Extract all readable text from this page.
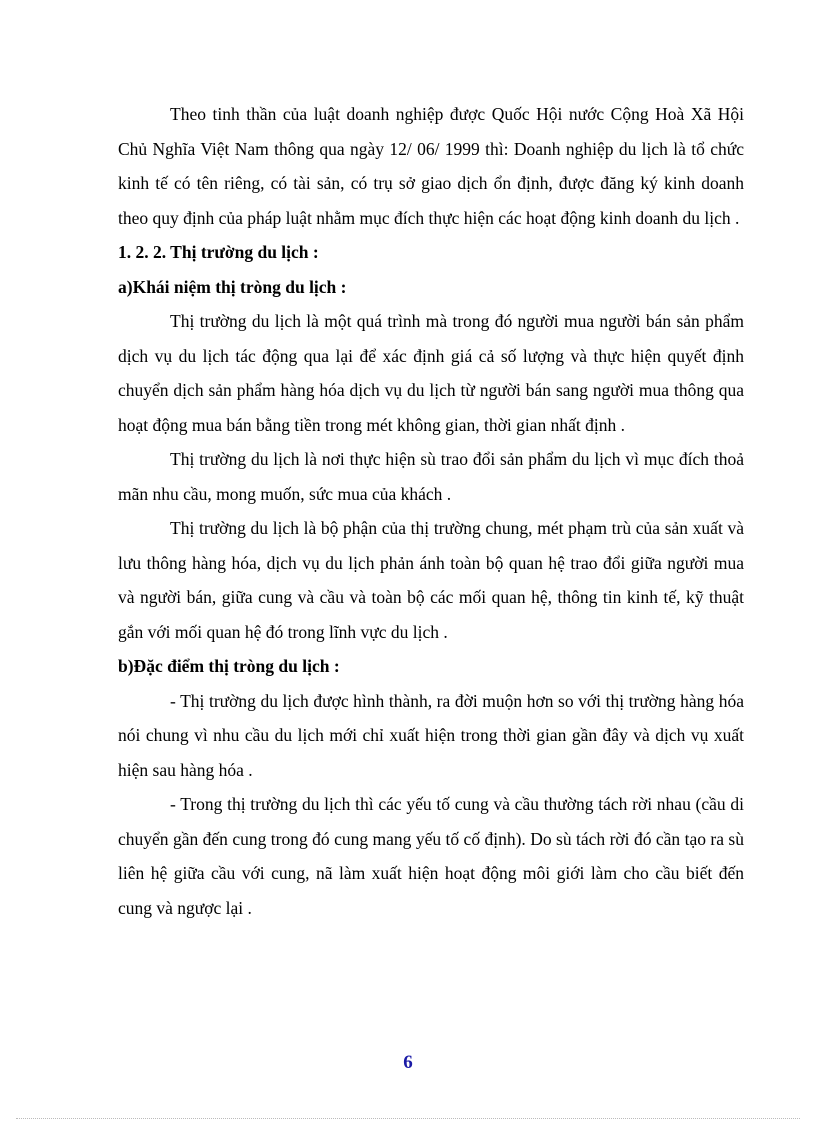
Theo tinh thần của luật doanh nghiệp được Quốc Hội nước Cộng Hoà Xã Hội Chủ Nghĩa Việt Nam thông qua ngày 12/ 06/ 1999 thì: Doanh nghiệp du lịch là tổ chức kinh tế có tên riêng, có tài sản, có trụ sở giao dịch ổn định, được đăng ký kinh doanh theo quy định của pháp luật nhằm mục đích thực hiện các hoạt động kinh doanh du lịch .

1. 2. 2. Thị trường du lịch :

a)Khái niệm thị tròng du lịch :

Thị trường du lịch là một quá trình mà trong đó người mua người bán sản phẩm dịch vụ du lịch tác động qua lại để xác định giá cả số lượng và thực hiện quyết định chuyển dịch sản phẩm hàng hóa dịch vụ du lịch từ người bán sang người mua thông qua hoạt động mua bán bằng tiền trong mét không gian, thời gian nhất định .

Thị trường du lịch là nơi thực hiện sù trao đổi sản phẩm du lịch vì mục đích thoả mãn nhu cầu, mong muốn, sức mua của khách .

Thị trường du lịch là bộ phận của thị trường chung, mét phạm trù của sản xuất và lưu thông hàng hóa, dịch vụ du lịch phản ánh toàn bộ quan hệ trao đổi giữa người mua và người bán, giữa cung và cầu và toàn bộ các mối quan hệ, thông tin kinh tế, kỹ thuật gắn với mối quan hệ đó trong lĩnh vực du lịch .

b)Đặc điểm thị tròng du lịch :

- Thị trường du lịch được hình thành, ra đời muộn hơn so với thị trường hàng hóa nói chung vì nhu cầu du lịch mới chỉ xuất hiện trong thời gian gần đây và dịch vụ xuất hiện sau hàng hóa .

- Trong thị trường du lịch thì các yếu tố cung và cầu thường tách rời nhau (cầu di chuyển gần đến cung trong đó cung mang yếu tố cố định). Do sù tách rời đó cần tạo ra sù liên hệ giữa cầu với cung, nã làm xuất hiện hoạt động môi giới làm cho cầu biết đến cung và ngược lại .

6
